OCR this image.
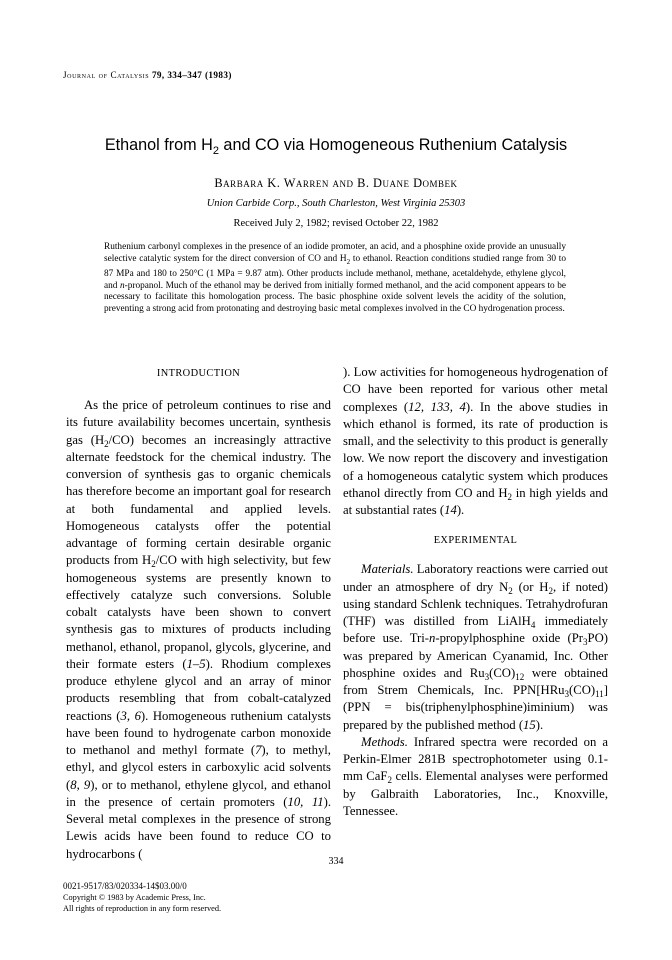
Journal of Catalysis 79, 334–347 (1983)
Ethanol from $H_2$ and CO via Homogeneous Ruthenium Catalysis
Barbara K. Warren and B. Duane Dombek
Union Carbide Corp., South Charleston, West Virginia 25303
Received July 2, 1982; revised October 22, 1982
Ruthenium carbonyl complexes in the presence of an iodide promoter, an acid, and a phosphine oxide provide an unusually selective catalytic system for the direct conversion of CO and $H_2$ to ethanol. Reaction conditions studied range from 30 to 87 MPa and 180 to 250°C (1 MPa = 9.87 atm). Other products include methanol, methane, acetaldehyde, ethylene glycol, and n-propanol. Much of the ethanol may be derived from initially formed methanol, and the acid component appears to be necessary to facilitate this homologation process. The basic phosphine oxide solvent levels the acidity of the solution, preventing a strong acid from protonating and destroying basic metal complexes involved in the CO hydrogenation process.
INTRODUCTION

As the price of petroleum continues to rise and its future availability becomes uncertain, synthesis gas $(H_2/CO)$ becomes an increasingly attractive alternate feedstock for the chemical industry. The conversion of synthesis gas to organic chemicals has therefore become an important goal for research at both fundamental and applied levels. Homogeneous catalysts offer the potential advantage of forming certain desirable organic products from $H_2/CO$ with high selectivity, but few homogeneous systems are presently known to effectively catalyze such conversions. Soluble cobalt catalysts have been shown to convert synthesis gas to mixtures of products including methanol, ethanol, propanol, glycols, glycerine, and their formate esters (1–5). Rhodium complexes produce ethylene glycol and an array of minor products resembling that from cobalt-catalyzed reactions (3, 6). Homogeneous ruthenium catalysts have been found to hydrogenate carbon monoxide to methanol and methyl formate (7), to methyl, ethyl, and glycol esters in carboxylic acid solvents (8, 9), or to methanol, ethylene glycol, and ethanol in the presence of certain promoters (10, 11). Several metal complexes in the presence of strong Lewis acids have been found to reduce CO to hydrocarbons (

). Low activities for homogeneous hydrogenation of CO have been reported for various other metal complexes (12, 133, 4). In the above studies in which ethanol is formed, its rate of production is small, and the selectivity to this product is generally low. We now report the discovery and investigation of a homogeneous catalytic system which produces ethanol directly from CO and $H_2$ in high yields and at substantial rates (14).

EXPERIMENTAL

Materials. Laboratory reactions were carried out under an atmosphere of dry $N_2$ (or $H_2$, if noted) using standard Schlenk techniques. Tetrahydrofuran (THF) was distilled from LiAlH$_4$ immediately before use. Tri-n-propylphosphine oxide $(Pr_3PO)$ was prepared by American Cyanamid, Inc. Other phosphine oxides and $Ru_3(CO)_{12}$ were obtained from Strem Chemicals, Inc. $PPN[HRu_3(CO)_{11}] (PPN$ = bis(triphenylphosphine)iminium) was prepared by the published method (15).

Methods. Infrared spectra were recorded on a Perkin-Elmer 281B spectrophotometer using 0.1-mm CaF$_2$ cells. Elemental analyses were performed by Galbraith Laboratories, Inc., Knoxville, Tennessee.

334
0021-9517/83/020334-14$03.00/0
Copyright © 1983 by Academic Press, Inc.
All rights of reproduction in any form reserved.
